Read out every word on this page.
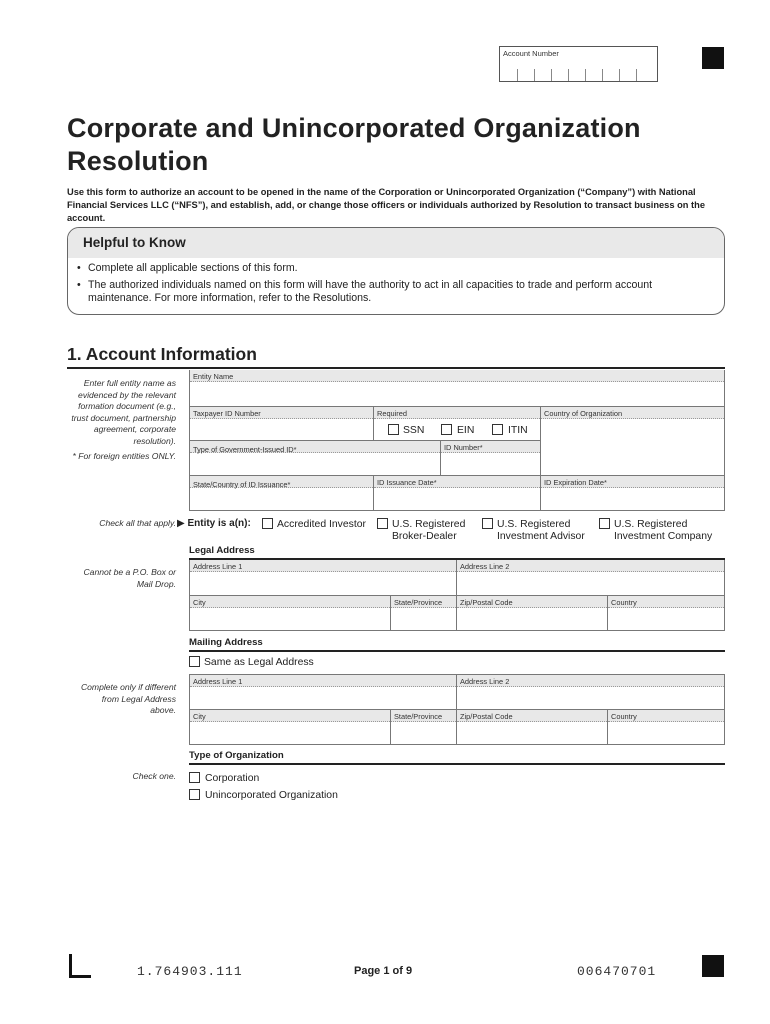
Account Number
Corporate and Unincorporated Organization Resolution
Use this form to authorize an account to be opened in the name of the Corporation or Unincorporated Organization (“Company”) with National Financial Services LLC (“NFS”), and establish, add, or change those officers or individuals authorized by Resolution to transact business on the account.
Helpful to Know
• Complete all applicable sections of this form.
• The authorized individuals named on this form will have the authority to act in all capacities to trade and perform account maintenance. For more information, refer to the Resolutions.
1. Account Information
Enter full entity name as evidenced by the relevant formation document (e.g., trust document, partnership agreement, corporate resolution).
* For foreign entities ONLY.
Check all that apply.
Cannot be a P.O. Box or Mail Drop.
Complete only if different from Legal Address above.
Check one.
Entity Name
Taxpayer ID Number	Required	Country of Organization
SSN	EIN	ITIN
Type of Government-Issued ID*	ID Number*
State/Country of ID Issuance*	ID Issuance Date*	ID Expiration Date*
▶ Entity is a(n):	Accredited Investor	U.S. Registered
Broker-Dealer
U.S. Registered
Investment Advisor
U.S. Registered
Investment Company
Legal Address
Address Line 1	Address Line 2
City	State/Province Zip/Postal Code	Country
Mailing Address
Same as Legal Address
Address Line 1	Address Line 2
City	State/Province Zip/Postal Code	Country
Type of Organization
Corporation
Unincorporated Organization
1.764903.111	Page 1 of 9	006470701
